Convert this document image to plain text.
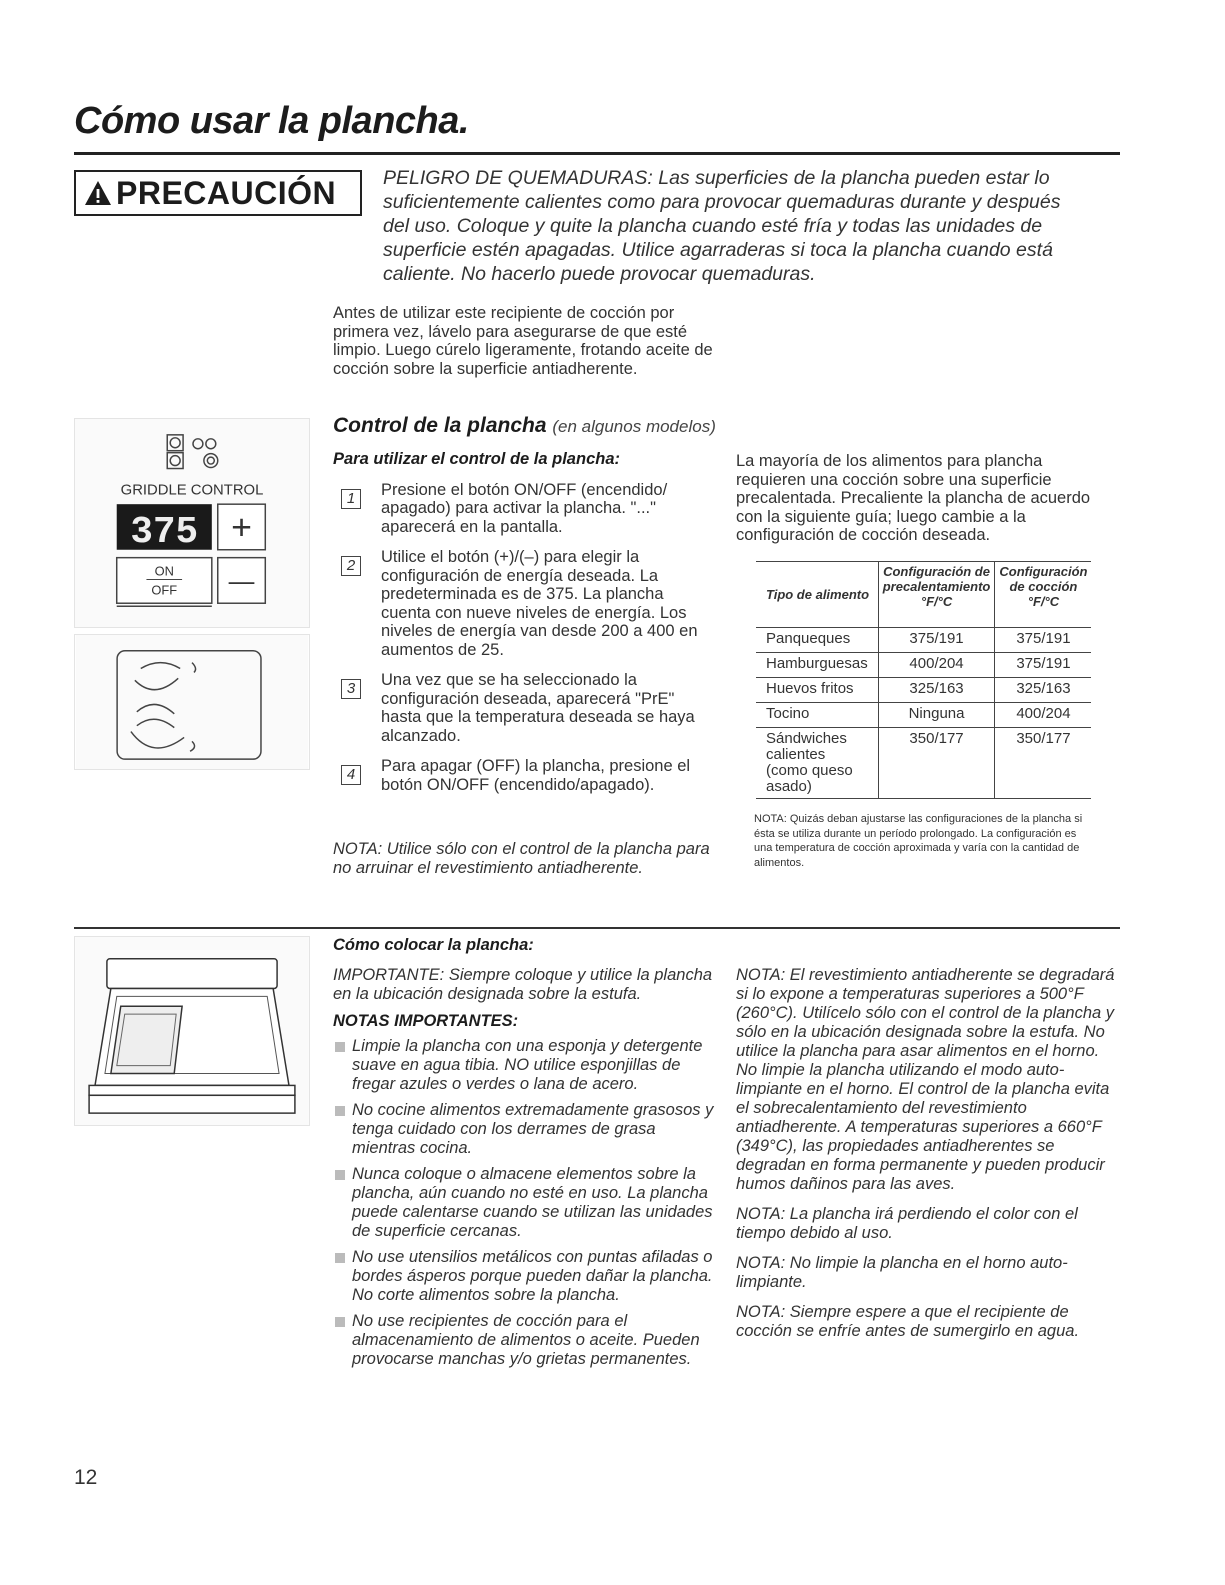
Cómo usar la plancha.
PRECAUCIÓN PELIGRO DE QUEMADURAS: Las superficies de la plancha pueden estar lo suficientemente calientes como para provocar quemaduras durante y después del uso. Coloque y quite la plancha cuando esté fría y todas las unidades de superficie estén apagadas. Utilice agarraderas si toca la plancha cuando está caliente. No hacerlo puede provocar quemaduras.
Antes de utilizar este recipiente de cocción por primera vez, lávelo para asegurarse de que esté limpio. Luego cúrelo ligeramente, frotando aceite de cocción sobre la superficie antiadherente.
GRIDDLE CONTROL
375 +
ON
OFF —
Control de la plancha (en algunos modelos)
Para utilizar el control de la plancha:
1	Presione el botón ON/OFF (encendido/ apagado) para activar la plancha. "..." aparecerá en la pantalla.
2	Utilice el botón (+)/(–) para elegir la configuración de energía deseada. La predeterminada es de 375. La plancha cuenta con nueve niveles de energía. Los niveles de energía van desde 200 a 400 en aumentos de 25.
3	Una vez que se ha seleccionado la configuración deseada, aparecerá "PrE" hasta que la temperatura deseada se haya alcanzado.
4	Para apagar (OFF) la plancha, presione el botón ON/OFF (encendido/apagado).
NOTA: Utilice sólo con el control de la plancha para no arruinar el revestimiento antiadherente.
La mayoría de los alimentos para plancha requieren una cocción sobre una superficie precalentada. Precaliente la plancha de acuerdo con la siguiente guía; luego cambie a la configuración de cocción deseada.
Tipo de alimento	Configuración de precalentamiento °F/°C	Configuración de cocción °F/°C
Panqueques	375/191	375/191
Hamburguesas	400/204	375/191
Huevos fritos	325/163	325/163
Tocino	Ninguna	400/204
Sándwiches calientes (como queso asado)	350/177	350/177
NOTA: Quizás deban ajustarse las configuraciones de la plancha si ésta se utiliza durante un período prolongado. La configuración es una temperatura de cocción aproximada y varía con la cantidad de alimentos.
Cómo colocar la plancha:
IMPORTANTE: Siempre coloque y utilice la plancha en la ubicación designada sobre la estufa.
NOTAS IMPORTANTES:
Limpie la plancha con una esponja y detergente suave en agua tibia. NO utilice esponjillas de fregar azules o verdes o lana de acero.
No cocine alimentos extremadamente grasosos y tenga cuidado con los derrames de grasa mientras cocina.
Nunca coloque o almacene elementos sobre la plancha, aún cuando no esté en uso. La plancha puede calentarse cuando se utilizan las unidades de superficie cercanas.
No use utensilios metálicos con puntas afiladas o bordes ásperos porque pueden dañar la plancha. No corte alimentos sobre la plancha.
No use recipientes de cocción para el almacenamiento de alimentos o aceite. Pueden provocarse manchas y/o grietas permanentes.

NOTA: El revestimiento antiadherente se degradará si lo expone a temperaturas superiores a 500°F (260°C). Utilícelo sólo con el control de la plancha y sólo en la ubicación designada sobre la estufa. No utilice la plancha para asar alimentos en el horno. No limpie la plancha utilizando el modo auto-limpiante en el horno. El control de la plancha evita el sobrecalentamiento del revestimiento antiadherente. A temperaturas superiores a 660°F (349°C), las propiedades antiadherentes se degradan en forma permanente y pueden producir humos dañinos para las aves.

NOTA: La plancha irá perdiendo el color con el tiempo debido al uso.

NOTA: No limpie la plancha en el horno auto-limpiante.

NOTA: Siempre espere a que el recipiente de cocción se enfríe antes de sumergirlo en agua.

12
